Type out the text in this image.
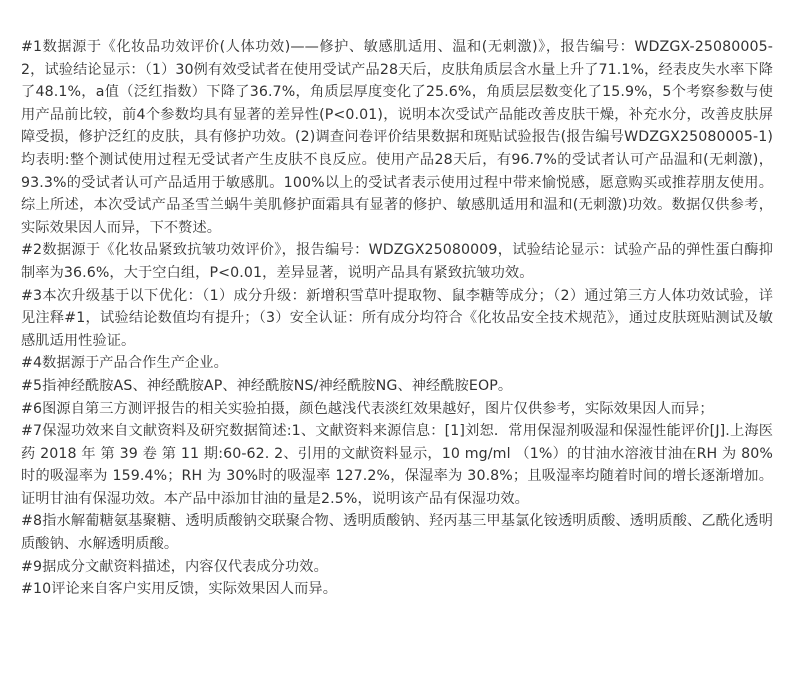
#1数据源于《化妆品功效评价(人体功效)——修护、敏感肌适用、温和(无刺激)》，报告编号：WDZGX-25080005-2，试验结论显示：（1）30例有效受试者在使用受试产品28天后，皮肤角质层含水量上升了71.1%，经表皮失水率下降了48.1%，a值（泛红指数）下降了36.7%，角质层厚度变化了25.6%，角质层层数变化了15.9%，5个考察参数与使用产品前比较，前4个参数均具有显著的差异性(P<0.01)，说明本次受试产品能改善皮肤干燥，补充水分，改善皮肤屏障受损，修护泛红的皮肤，具有修护功效。(2)调查问卷评价结果数据和斑贴试验报告(报告编号WDZGX25080005-1)均表明:整个测试使用过程无受试者产生皮肤不良反应。使用产品28天后，有96.7%的受试者认可产品温和(无刺激)，93.3%的受试者认可产品适用于敏感肌。100%以上的受试者表示使用过程中带来愉悦感，愿意购买或推荐朋友使用。综上所述，本次受试产品圣雪兰蜗牛美肌修护面霜具有显著的修护、敏感肌适用和温和(无刺激)功效。数据仅供参考，实际效果因人而异，下不赘述。

#2数据源于《化妆品紧致抗皱功效评价》，报告编号：WDZGX25080009，试验结论显示：试验产品的弹性蛋白酶抑制率为36.6%，大于空白组，P<0.01，差异显著，说明产品具有紧致抗皱功效。

#3本次升级基于以下优化：（1）成分升级：新增积雪草叶提取物、鼠李糖等成分；（2）通过第三方人体功效试验，详见注释#1，试验结论数值均有提升；（3）安全认证：所有成分均符合《化妆品安全技术规范》，通过皮肤斑贴测试及敏感肌适用性验证。

#4数据源于产品合作生产企业。

#5指神经酰胺AS、神经酰胺AP、神经酰胺NS/神经酰胺NG、神经酰胺EOP。

#6图源自第三方测评报告的相关实验拍摄，颜色越浅代表淡红效果越好，图片仅供参考，实际效果因人而异；

#7保湿功效来自文献资料及研究数据简述:1、文献资料来源信息：[1]刘恕．常用保湿剂吸湿和保湿性能评价[J].上海医药 2018 年 第 39 卷 第 11 期:60-62. 2、引用的文献资料显示，10 mg/ml （1%）的甘油水溶液甘油在RH 为 80%时的吸湿率为 159.4%；RH 为 30%时的吸湿率 127.2%，保湿率为 30.8%；且吸湿率均随着时间的增长逐渐增加。证明甘油有保湿功效。本产品中添加甘油的量是2.5%，说明该产品有保湿功效。

#8指水解葡糖氨基聚糖、透明质酸钠交联聚合物、透明质酸钠、羟丙基三甲基氯化铵透明质酸、透明质酸、乙酰化透明质酸钠、水解透明质酸。

#9据成分文献资料描述，内容仅代表成分功效。

#10评论来自客户实用反馈，实际效果因人而异。
